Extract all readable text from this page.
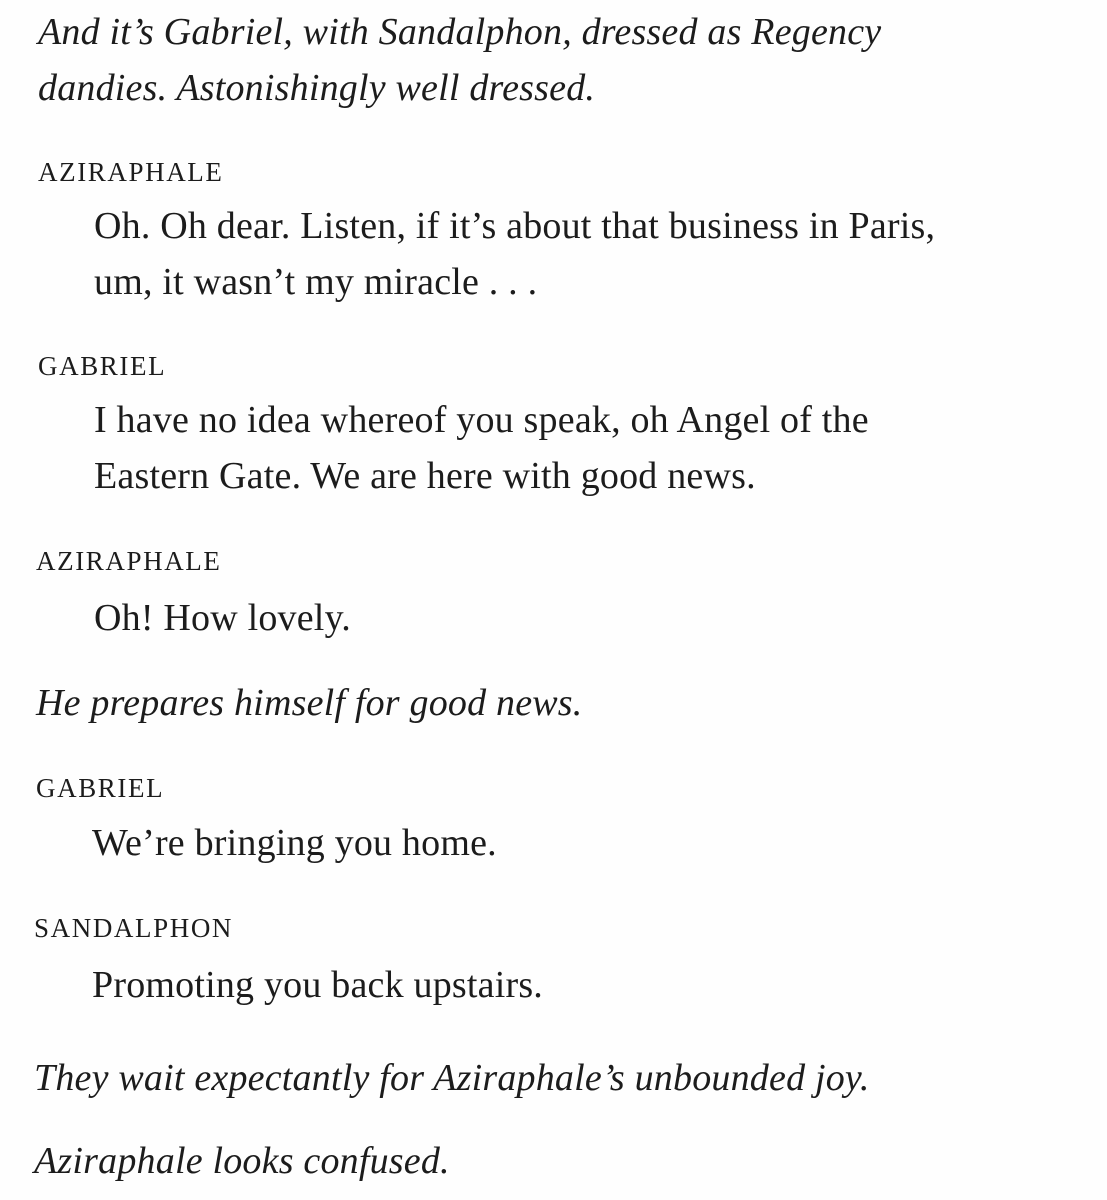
And it’s Gabriel, with Sandalphon, dressed as Regency
dandies. Astonishingly well dressed.
AZIRAPHALE
Oh. Oh dear. Listen, if it’s about that business in Paris,
um, it wasn’t my miracle . . .
GABRIEL
I have no idea whereof you speak, oh Angel of the
Eastern Gate. We are here with good news.
AZIRAPHALE
Oh! How lovely.
He prepares himself for good news.
GABRIEL
We’re bringing you home.
SANDALPHON
Promoting you back upstairs.
They wait expectantly for Aziraphale’s unbounded joy.
Aziraphale looks confused.
